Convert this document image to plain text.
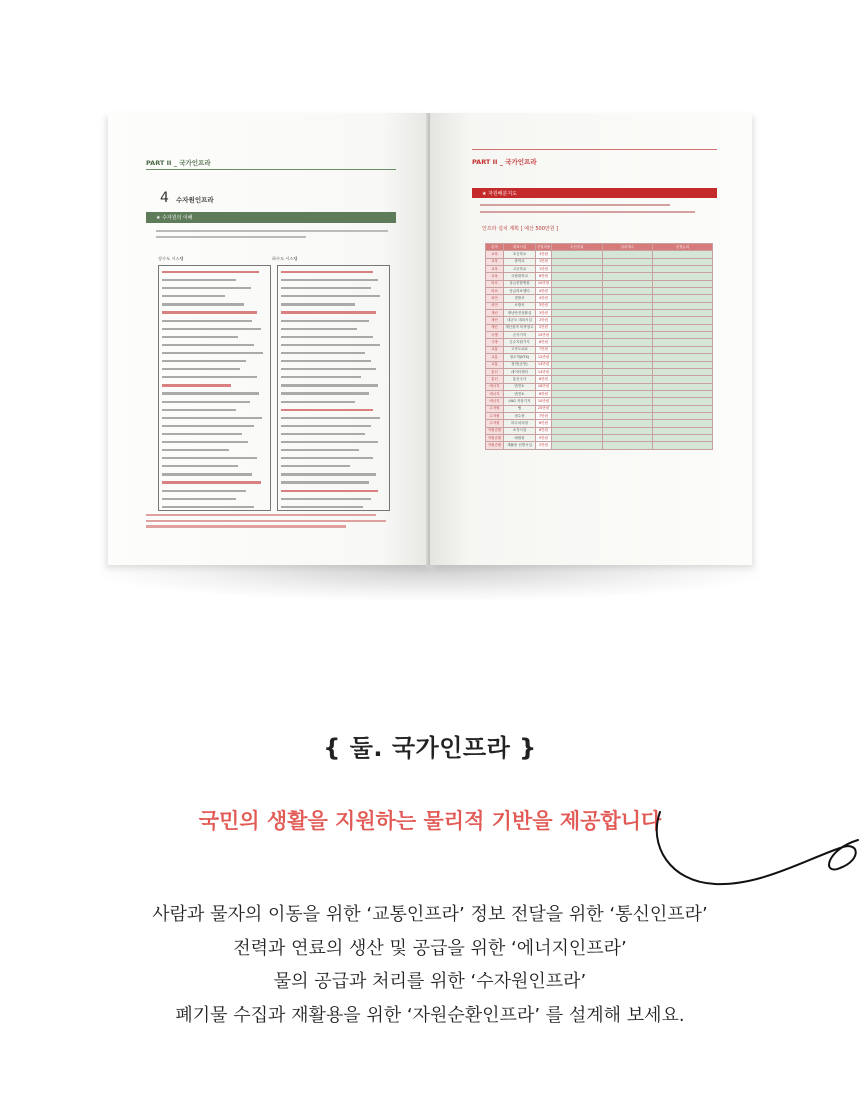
PART II _ 국가인프라
4 수자원인프라
★ 수자원의 이해
상수도 시스템	하수도 시스템
PART II _ 국가인프라
★ 자원배분지도
인프라 설치 계획 [ 예산 500만원 ]
분야	대표시설	건설비용	우선순위	설치개수	선정논리
교육	초등학교	1만원			
교육	중학교	1만원			
교육	고등학교	1만원			
교육	국립대학교	6만원			
의료	상급종합병원	10만원			
의료	응급의료센터	4만원			
치안	경찰서	4만원			
치안	소방서	3만원			
재난	재난안전상황실	3만원			
재난	대규모 대피시설	2만원			
재난	재난물자 비축창고	2만원			
국방	군사기지	15만원			
국방	군수지원기지	8만원			
교통	고속도로IC	7만원			
교통	철도역(KTX)	12만원			
교통	항만(공항)	14만원			
통신	데이터센터	14만원			
통신	통신국사	6만원			
에너지	변전소	18만원			
에너지	변전소	8만원			
에너지	LNG 저장기지	10만원			
수자원	댐	20만원			
수자원	정수장	7만원			
수자원	하수처리장	8만원			
자원순환	소각시설	6만원			
자원순환	매립장	5만원			
자원순환	재활용 선별시설	2만원			
{ 둘. 국가인프라 }
국민의 생활을 지원하는 물리적 기반을 제공합니다
사람과 물자의 이동을 위한 ‘교통인프라’ 정보 전달을 위한 ‘통신인프라’
전력과 연료의 생산 및 공급을 위한 ‘에너지인프라’
물의 공급과 처리를 위한 ‘수자원인프라’
폐기물 수집과 재활용을 위한 ‘자원순환인프라’ 를 설계해 보세요.
